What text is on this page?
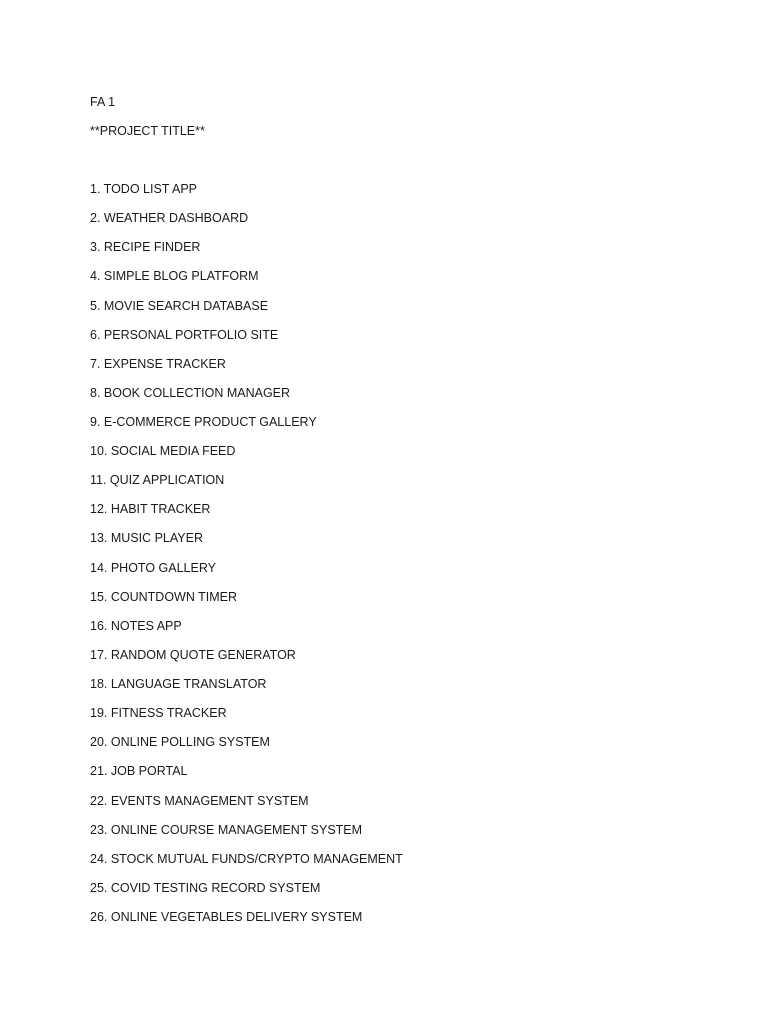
FA 1
**PROJECT TITLE**
1. TODO LIST APP
2. WEATHER DASHBOARD
3. RECIPE FINDER
4. SIMPLE BLOG PLATFORM
5. MOVIE SEARCH DATABASE
6. PERSONAL PORTFOLIO SITE
7. EXPENSE TRACKER
8. BOOK COLLECTION MANAGER
9. E-COMMERCE PRODUCT GALLERY
10. SOCIAL MEDIA FEED
11. QUIZ APPLICATION
12. HABIT TRACKER
13. MUSIC PLAYER
14. PHOTO GALLERY
15. COUNTDOWN TIMER
16. NOTES APP
17. RANDOM QUOTE GENERATOR
18. LANGUAGE TRANSLATOR
19. FITNESS TRACKER
20. ONLINE POLLING SYSTEM
21. JOB PORTAL
22. EVENTS MANAGEMENT SYSTEM
23. ONLINE COURSE MANAGEMENT SYSTEM
24. STOCK MUTUAL FUNDS/CRYPTO MANAGEMENT
25. COVID TESTING RECORD SYSTEM
26. ONLINE VEGETABLES DELIVERY SYSTEM
